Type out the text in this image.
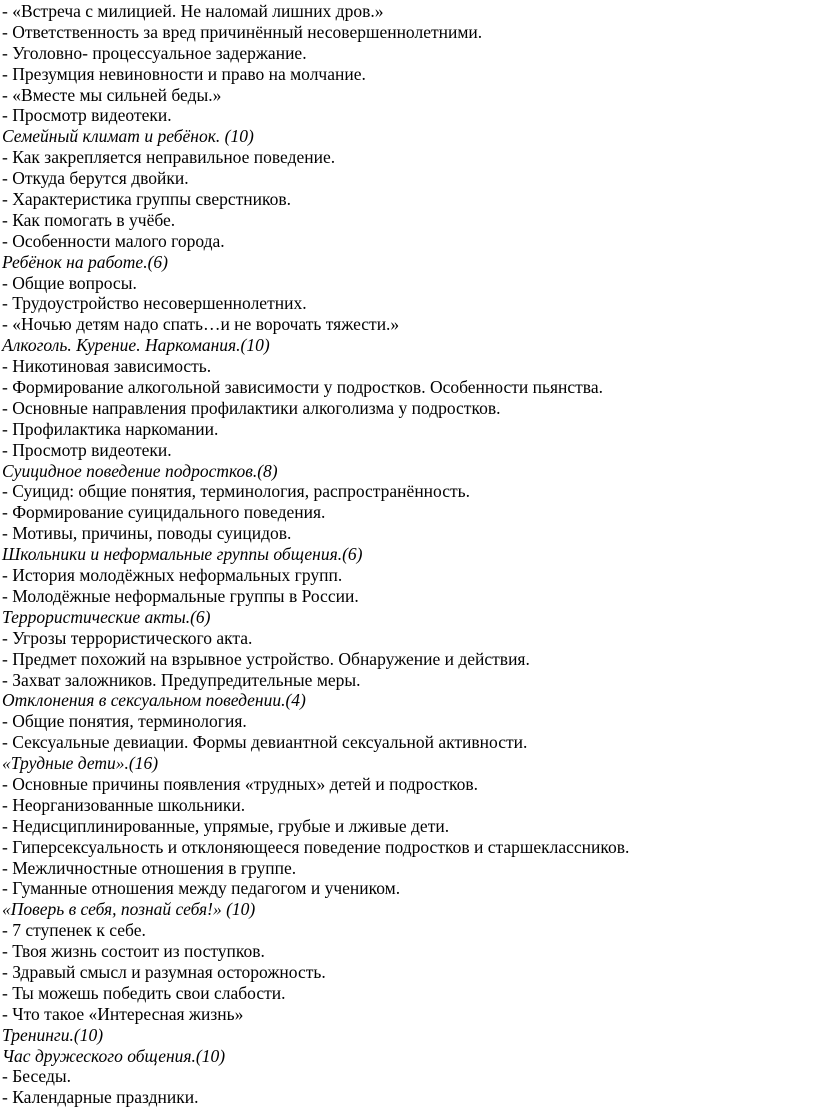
- «Встреча с милицией. Не наломай лишних дров.»

- Ответственность за вред причинённый несовершеннолетними.

- Уголовно- процессуальное задержание.

- Презумция невиновности и право на молчание.

- «Вместе мы сильней беды.»

- Просмотр видеотеки.

Семейный климат и ребёнок. (10)

- Как закрепляется неправильное поведение.

- Откуда берутся двойки.

- Характеристика группы сверстников.

- Как помогать в учёбе.

- Особенности малого города.

Ребёнок на работе.(6)

- Общие вопросы.

- Трудоустройство несовершеннолетних.

- «Ночью детям надо спать…и не ворочать тяжести.»

Алкоголь. Курение. Наркомания.(10)

- Никотиновая зависимость.

- Формирование алкогольной зависимости у подростков. Особенности пьянства.

- Основные направления профилактики алкоголизма у подростков.

- Профилактика наркомании.

- Просмотр видеотеки.

Суицидное поведение подростков.(8)

- Суицид: общие понятия, терминология, распространённость.

- Формирование суицидального поведения.

- Мотивы, причины, поводы суицидов.

Школьники и неформальные группы общения.(6)

- История молодёжных неформальных групп.

- Молодёжные неформальные группы в России.

Террористические акты.(6)

- Угрозы террористического акта.

- Предмет похожий на взрывное устройство. Обнаружение и действия.

- Захват заложников. Предупредительные меры.

Отклонения в сексуальном поведении.(4)

- Общие понятия, терминология.

- Сексуальные девиации. Формы девиантной сексуальной активности.

«Трудные дети».(16)

- Основные причины появления «трудных» детей и подростков.

- Неорганизованные школьники.

- Недисциплинированные, упрямые, грубые и лживые дети.

- Гиперсексуальность и отклоняющееся поведение подростков и старшеклассников.

- Межличностные отношения в группе.

- Гуманные отношения между педагогом и учеником.

«Поверь в себя, познай себя!» (10)

- 7 ступенек к себе.

- Твоя жизнь состоит из поступков.

- Здравый смысл и разумная осторожность.

- Ты можешь победить свои слабости.

- Что такое «Интересная жизнь»

Тренинги.(10)

Час дружеского общения.(10)

- Беседы.

- Календарные праздники.
